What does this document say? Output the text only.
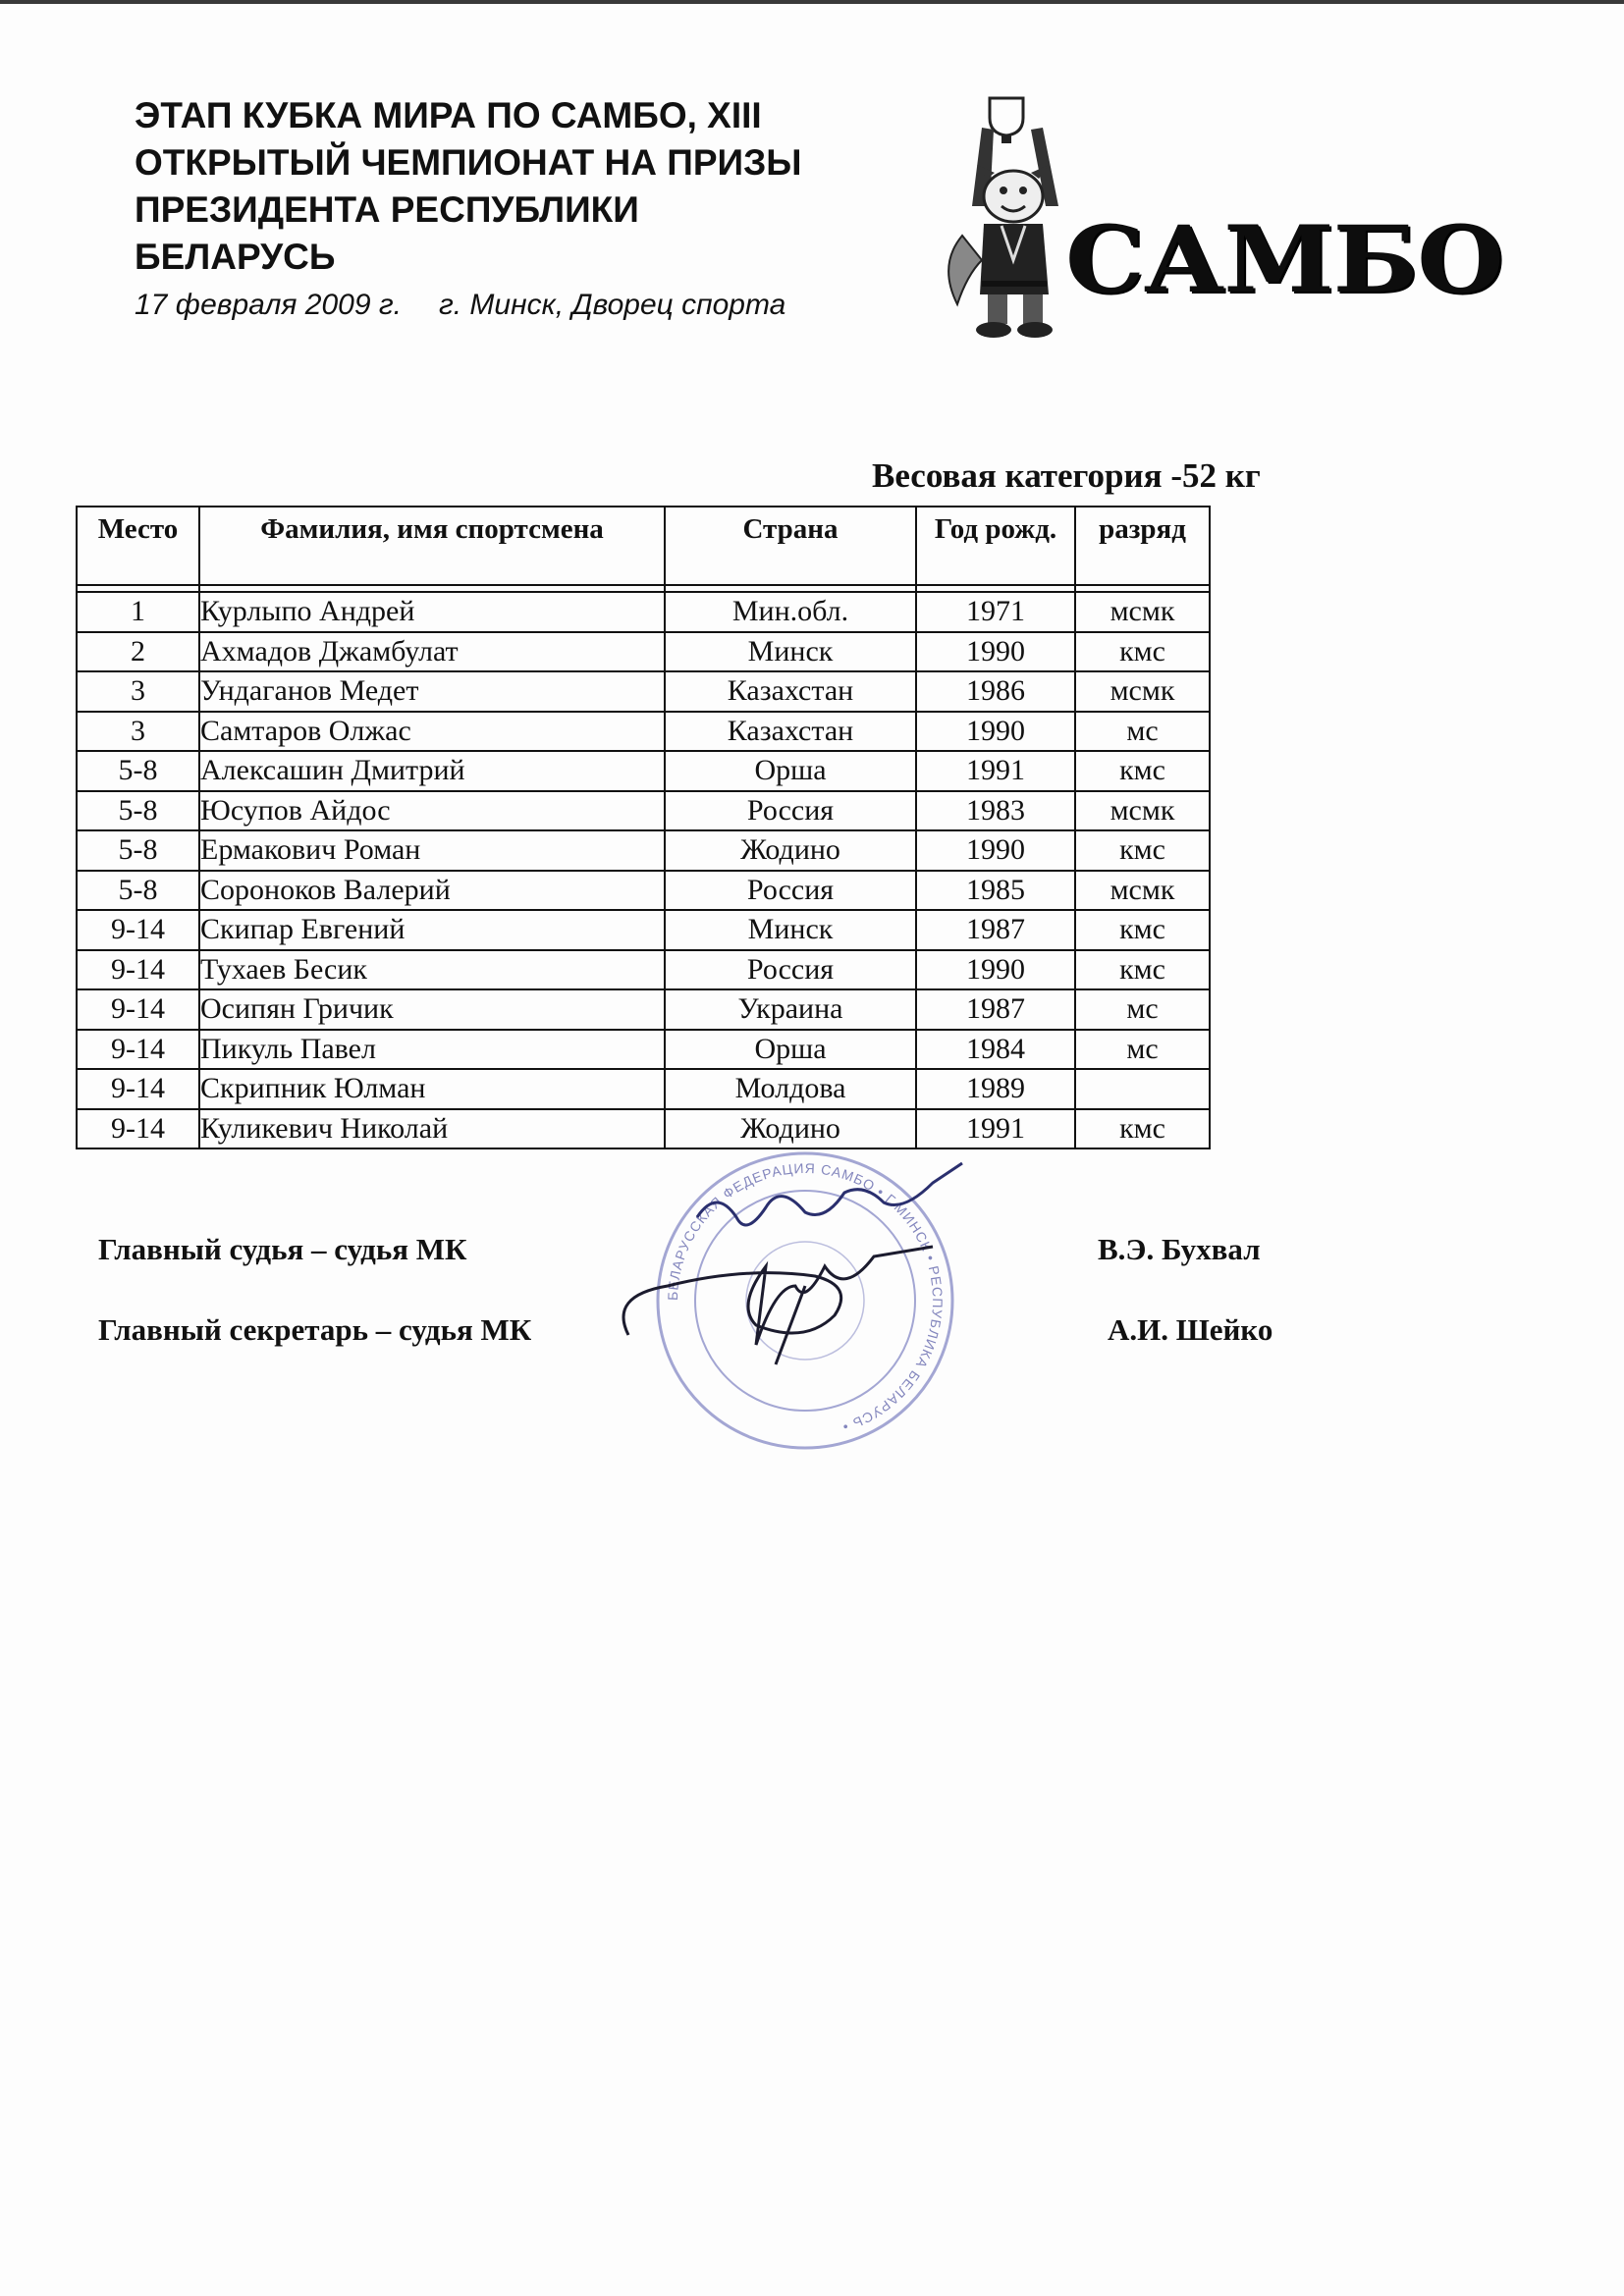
ЭТАП КУБКА МИРА ПО САМБО, XIII
ОТКРЫТЫЙ ЧЕМПИОНАТ НА ПРИЗЫ
ПРЕЗИДЕНТА РЕСПУБЛИКИ
БЕЛАРУСЬ
17 февраля 2009 г. г. Минск, Дворец спорта	САМБО
Весовая категория -52 кг
Место	Фамилия, имя спортсмена	Страна	Год рожд.	разряд

1	Курлыпо Андрей	Мин.обл.	1971	мсмк
2	Ахмадов Джамбулат	Минск	1990	кмс
3	Ундаганов Медет	Казахстан	1986	мсмк
3	Самтаров Олжас	Казахстан	1990	мс
5-8	Алексашин Дмитрий	Орша	1991	кмс
5-8	Юсупов Айдос	Россия	1983	мсмк
5-8	Ермакович Роман	Жодино	1990	кмс
5-8	Сороноков Валерий	Россия	1985	мсмк
9-14	Скипар Евгений	Минск	1987	кмс
9-14	Тухаев Бесик	Россия	1990	кмс
9-14	Осипян Гричик	Украина	1987	мс
9-14	Пикуль Павел	Орша	1984	мс
9-14	Скрипник Юлман	Молдова	1989	
9-14	Куликевич Николай	Жодино	1991	кмс
Главный судья – судья МК	В.Э. Бухвал
Главный секретарь – судья МК	А.И. Шейко
БЕЛАРУССКАЯ ФЕДЕРАЦИЯ САМБО • Г.МИНСК • РЕСПУБЛИКА БЕЛАРУСЬ •
